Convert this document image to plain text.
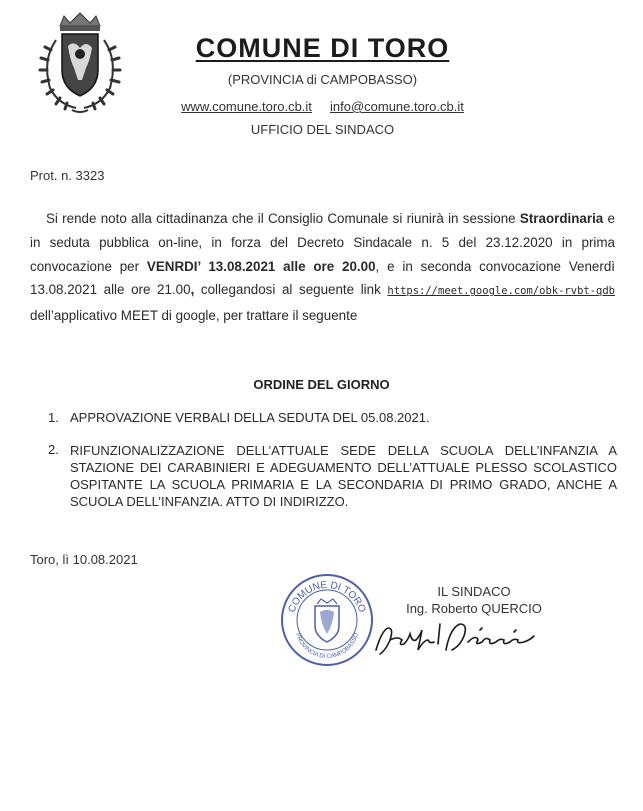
COMUNE DI TORO
(PROVINCIA di CAMPOBASSO)
www.comune.toro.cb.it info@comune.toro.cb.it
UFFICIO DEL SINDACO
Prot. n. 3323

Si rende noto alla cittadinanza che il Consiglio Comunale si riunirà in sessione Straordinaria e in seduta pubblica on-line, in forza del Decreto Sindacale n. 5 del 23.12.2020 in prima convocazione per VENRDI’ 13.08.2021 alle ore 20.00, e in seconda convocazione Venerdì 13.08.2021 alle ore 21.00, collegandosi al seguente link https://meet.google.com/obk-rvbt-qdb dell’applicativo MEET di google, per trattare il seguente

ORDINE DEL GIORNO
1. APPROVAZIONE VERBALI DELLA SEDUTA DEL 05.08.2021.
2. RIFUNZIONALIZZAZIONE DELL’ATTUALE SEDE DELLA SCUOLA DELL’INFANZIA A STAZIONE DEI CARABINIERI E ADEGUAMENTO DELL’ATTUALE PLESSO SCOLASTICO OSPITANTE LA SCUOLA PRIMARIA E LA SECONDARIA DI PRIMO GRADO, ANCHE A SCUOLA DELL’INFANZIA. ATTO DI INDIRIZZO.
Toro, lì 10.08.2021
COMUNE DI TORO
PROVINCIA DI CAMPOBASSO
IL SINDACO
Ing. Roberto QUERCIO
